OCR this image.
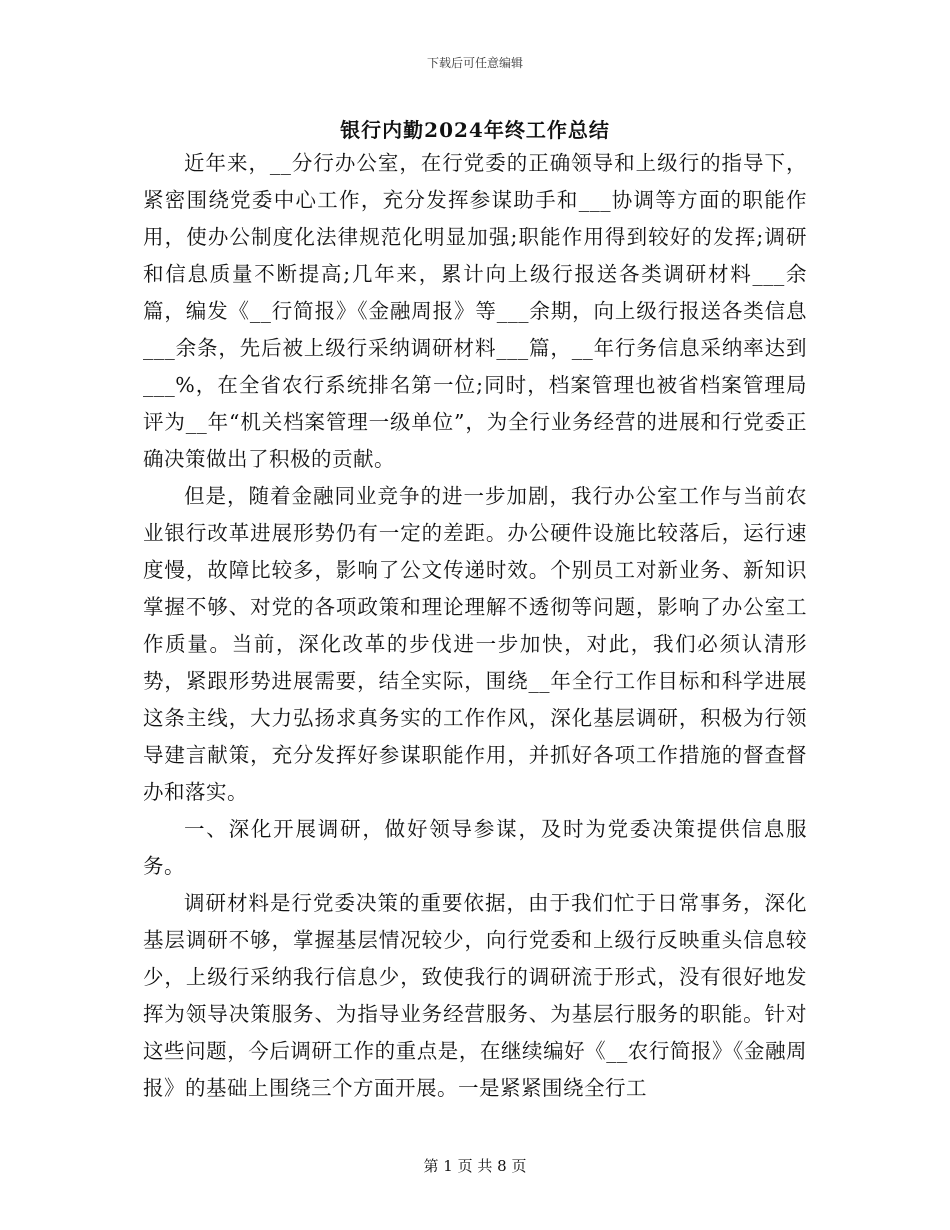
下载后可任意编辑
银行内勤2024年终工作总结

近年来，__分行办公室，在行党委的正确领导和上级行的指导下，紧密围绕党委中心工作，充分发挥参谋助手和___协调等方面的职能作用，使办公制度化法律规范化明显加强;职能作用得到较好的发挥;调研和信息质量不断提高;几年来，累计向上级行报送各类调研材料___余篇，编发《__行简报》《金融周报》等___余期，向上级行报送各类信息___余条，先后被上级行采纳调研材料___篇，__年行务信息采纳率达到___%，在全省农行系统排名第一位;同时，档案管理也被省档案管理局评为__年“机关档案管理一级单位”，为全行业务经营的进展和行党委正确决策做出了积极的贡献。

但是，随着金融同业竞争的进一步加剧，我行办公室工作与当前农业银行改革进展形势仍有一定的差距。办公硬件设施比较落后，运行速度慢，故障比较多，影响了公文传递时效。个别员工对新业务、新知识掌握不够、对党的各项政策和理论理解不透彻等问题，影响了办公室工作质量。当前，深化改革的步伐进一步加快，对此，我们必须认清形势，紧跟形势进展需要，结全实际，围绕__年全行工作目标和科学进展这条主线，大力弘扬求真务实的工作作风，深化基层调研，积极为行领导建言献策，充分发挥好参谋职能作用，并抓好各项工作措施的督查督办和落实。

一、深化开展调研，做好领导参谋，及时为党委决策提供信息服务。

调研材料是行党委决策的重要依据，由于我们忙于日常事务，深化基层调研不够，掌握基层情况较少，向行党委和上级行反映重头信息较少，上级行采纳我行信息少，致使我行的调研流于形式，没有很好地发挥为领导决策服务、为指导业务经营服务、为基层行服务的职能。针对这些问题，今后调研工作的重点是，在继续编好《__农行简报》《金融周报》的基础上围绕三个方面开展。一是紧紧围绕全行工

第 1 页 共 8 页
